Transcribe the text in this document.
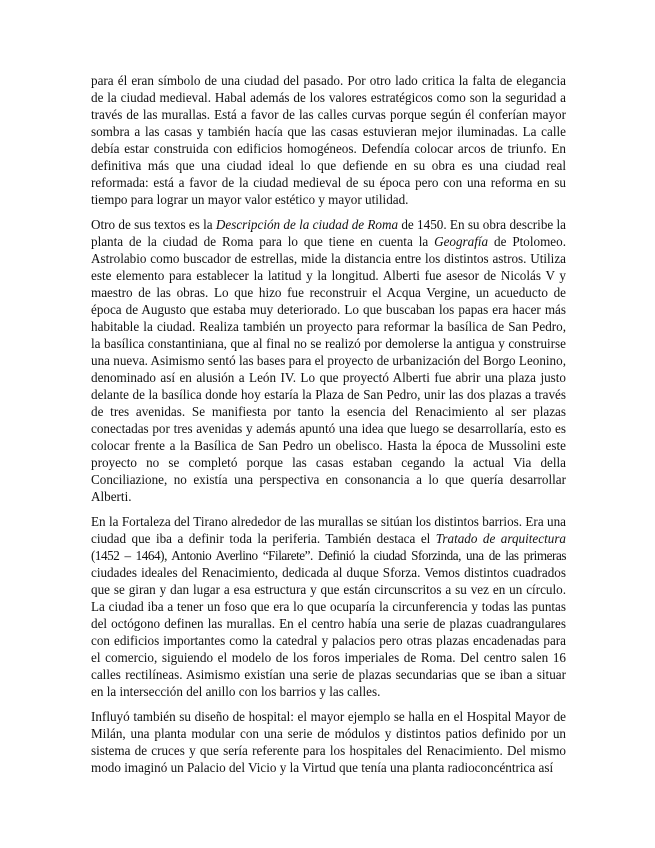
para él eran símbolo de una ciudad del pasado. Por otro lado critica la falta de elegancia de la ciudad medieval. Habal además de los valores estratégicos como son la seguridad a través de las murallas. Está a favor de las calles curvas porque según él conferían mayor sombra a las casas y también hacía que las casas estuvieran mejor iluminadas. La calle debía estar construida con edificios homogéneos. Defendía colocar arcos de triunfo. En definitiva más que una ciudad ideal lo que defiende en su obra es una ciudad real reformada: está a favor de la ciudad medieval de su época pero con una reforma en su tiempo para lograr un mayor valor estético y mayor utilidad.

Otro de sus textos es la Descripción de la ciudad de Roma de 1450. En su obra describe la planta de la ciudad de Roma para lo que tiene en cuenta la Geografía de Ptolomeo. Astrolabio como buscador de estrellas, mide la distancia entre los distintos astros. Utiliza este elemento para establecer la latitud y la longitud. Alberti fue asesor de Nicolás V y maestro de las obras. Lo que hizo fue reconstruir el Acqua Vergine, un acueducto de época de Augusto que estaba muy deteriorado. Lo que buscaban los papas era hacer más habitable la ciudad. Realiza también un proyecto para reformar la basílica de San Pedro, la basílica constantiniana, que al final no se realizó por demolerse la antigua y construirse una nueva. Asimismo sentó las bases para el proyecto de urbanización del Borgo Leonino, denominado así en alusión a León IV. Lo que proyectó Alberti fue abrir una plaza justo delante de la basílica donde hoy estaría la Plaza de San Pedro, unir las dos plazas a través de tres avenidas. Se manifiesta por tanto la esencia del Renacimiento al ser plazas conectadas por tres avenidas y además apuntó una idea que luego se desarrollaría, esto es colocar frente a la Basílica de San Pedro un obelisco. Hasta la época de Mussolini este proyecto no se completó porque las casas estaban cegando la actual Via della Conciliazione, no existía una perspectiva en consonancia a lo que quería desarrollar Alberti.

En la Fortaleza del Tirano alrededor de las murallas se sitúan los distintos barrios. Era una ciudad que iba a definir toda la periferia. También destaca el Tratado de arquitectura (1452 – 1464), Antonio Averlino “Filarete”. Definió la ciudad Sforzinda, una de las primeras ciudades ideales del Renacimiento, dedicada al duque Sforza. Vemos distintos cuadrados que se giran y dan lugar a esa estructura y que están circunscritos a su vez en un círculo. La ciudad iba a tener un foso que era lo que ocuparía la circunferencia y todas las puntas del octógono definen las murallas. En el centro había una serie de plazas cuadrangulares con edificios importantes como la catedral y palacios pero otras plazas encadenadas para el comercio, siguiendo el modelo de los foros imperiales de Roma. Del centro salen 16 calles rectilíneas. Asimismo existían una serie de plazas secundarias que se iban a situar en la intersección del anillo con los barrios y las calles.

Influyó también su diseño de hospital: el mayor ejemplo se halla en el Hospital Mayor de Milán, una planta modular con una serie de módulos y distintos patios definido por un sistema de cruces y que sería referente para los hospitales del Renacimiento. Del mismo modo imaginó un Palacio del Vicio y la Virtud que tenía una planta radioconcéntrica así
